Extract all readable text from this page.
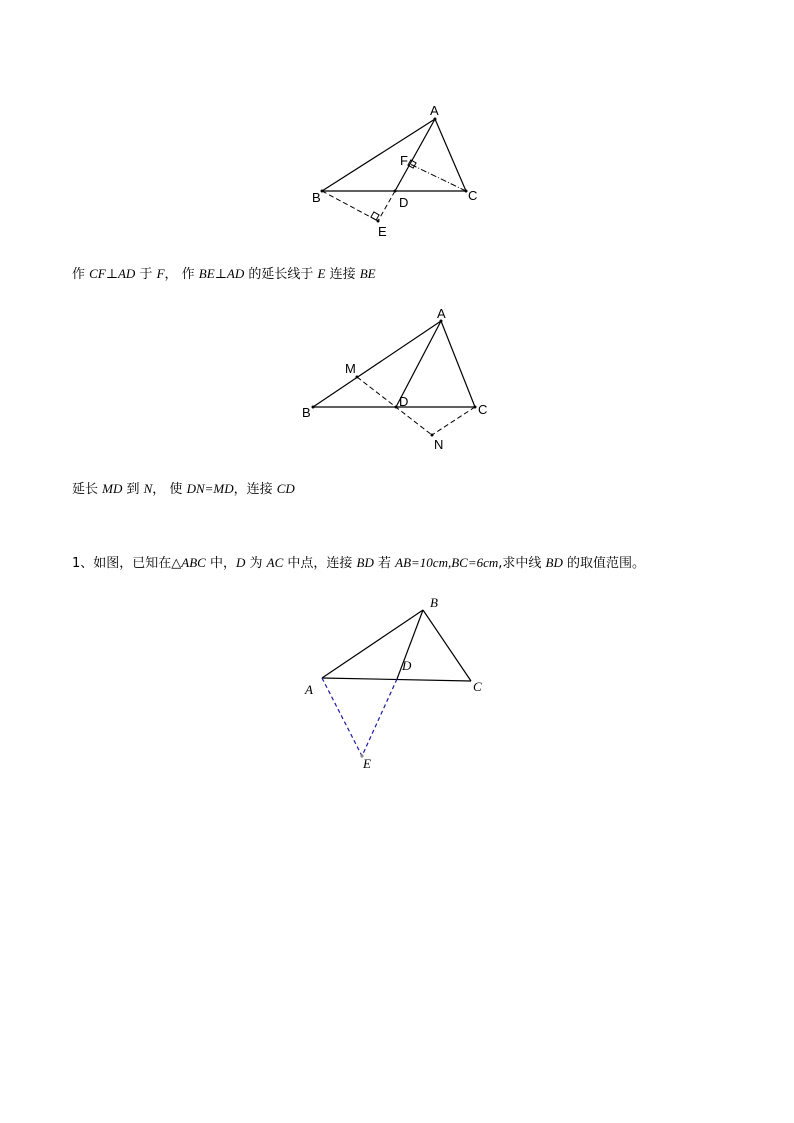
A
F
B	D	C
E
作 CF⊥AD 于 F， 作 BE⊥AD 的延长线于 E 连接 BE
A
M
D
B	C
N
延长 MD 到 N， 使 DN=MD，连接 CD
1、如图，已知在△ABC 中，D 为 AC 中点，连接 BD 若 AB=10cm,BC=6cm,求中线 BD 的取值范围。
B
D
A	C
E
